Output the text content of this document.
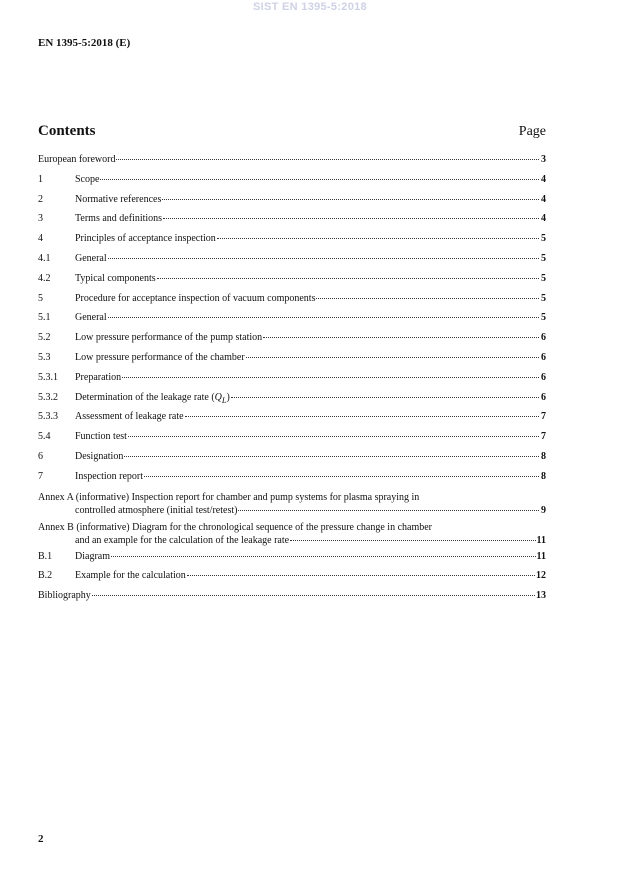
SIST EN 1395-5:2018
EN 1395-5:2018 (E)
Contents	Page
European foreword	3
1	Scope	4
2	Normative references	4
3	Terms and definitions	4
4	Principles of acceptance inspection	5
4.1	General	5
4.2	Typical components	5
5	Procedure for acceptance inspection of vacuum components	5
5.1	General	5
5.2	Low pressure performance of the pump station	6
5.3	Low pressure performance of the chamber	6
5.3.1	Preparation	6
5.3.2	Determination of the leakage rate $(Q_L)$	6
5.3.3	Assessment of leakage rate	7
5.4	Function test	7
6	Designation	8
7	Inspection report	8
Annex A (informative) Inspection report for chamber and pump systems for plasma spraying in
controlled atmosphere (initial test/retest)	9
Annex B (informative) Diagram for the chronological sequence of the pressure change in chamber
and an example for the calculation of the leakage rate	11
B.1	Diagram	11
B.2	Example for the calculation	12
Bibliography	13
2
